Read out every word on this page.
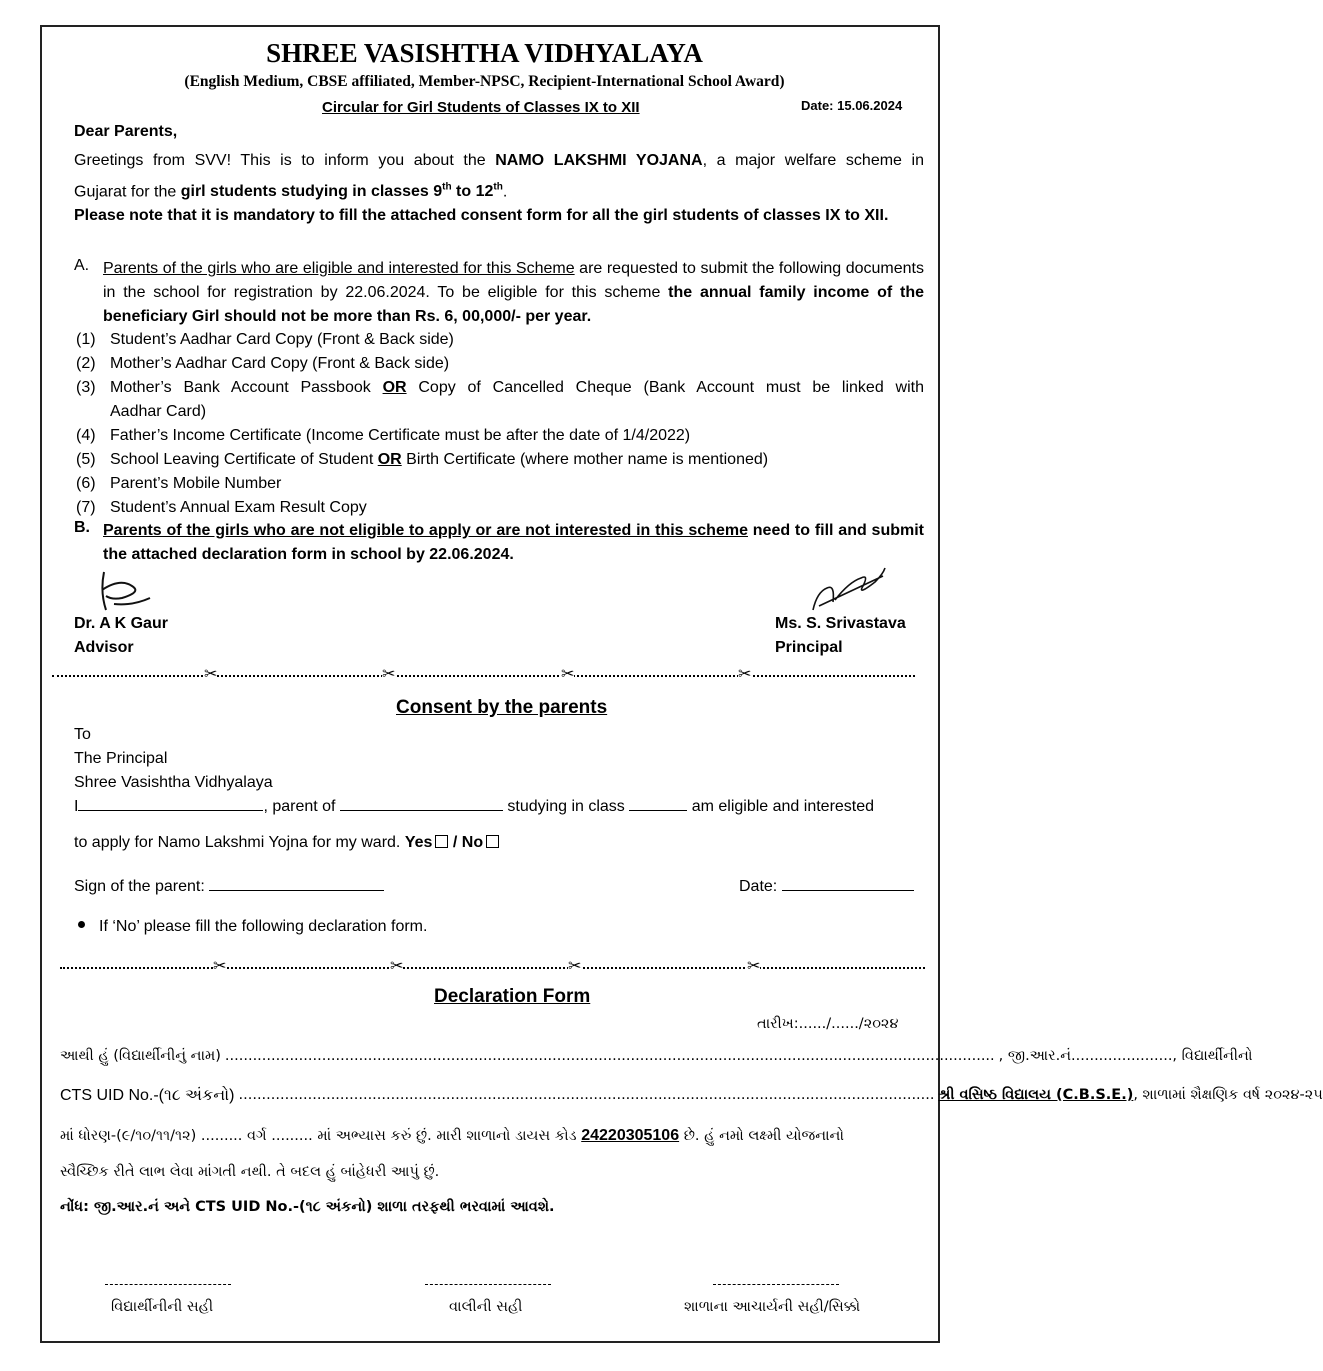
SHREE VASISHTHA VIDHYALAYA
(English Medium, CBSE affiliated, Member-NPSC, Recipient-International School Award)
Circular for Girl Students of Classes IX to XII	Date: 15.06.2024
Dear Parents,
Greetings from SVV! This is to inform you about the NAMO LAKSHMI YOJANA, a major welfare scheme in
Gujarat for the girl students studying in classes 9th to 12th.
Please note that it is mandatory to fill the attached consent form for all the girl students of classes IX to XII.
A. Parents of the girls who are eligible and interested for this Scheme are requested to submit the following documents in the school for registration by 22.06.2024. To be eligible for this scheme the annual family income of the beneficiary Girl should not be more than Rs. 6, 00,000/- per year.
(1) Student’s Aadhar Card Copy (Front & Back side)
(2) Mother’s Aadhar Card Copy (Front & Back side)
(3) Mother’s Bank Account Passbook OR Copy of Cancelled Cheque (Bank Account must be linked with
Aadhar Card)
(4) Father’s Income Certificate (Income Certificate must be after the date of 1/4/2022)
(5) School Leaving Certificate of Student OR Birth Certificate (where mother name is mentioned)
(6) Parent’s Mobile Number
(7) Student’s Annual Exam Result Copy
B. Parents of the girls who are not eligible to apply or are not interested in this scheme need to fill and submit the attached declaration form in school by 22.06.2024.
Dr. A K Gaur
Advisor
Ms. S. Srivastava
Principal
✂	✂	✂	✂
Consent by the parents
To
The Principal
Shree Vasishtha Vidhyalaya
I	, parent of	studying in class	am eligible and interested
to apply for Namo Lakshmi Yojna for my ward. Yes / No
Sign of the parent:	Date:
If ‘No’ please fill the following declaration form.
✂	✂	✂	✂
Declaration Form
તારીખ:....../....../૨૦૨૪
આથી હું (વિદ્યાર્થીનીનું નામ) ....................................................................................................................................................................... , જી.આર.નં......................, વિદ્યાર્થીનીનો
CTS UID No.-(૧૮ અંકનો) ....................................................................................................................................................... શ્રી વસિષ્ઠ વિદ્યાલય (C.B.S.E.) , શાળામાં શૈક્ષણિક વર્ષ ૨૦૨૪-૨૫
માં ધોરણ-(૯/૧૦/૧૧/૧૨) ......... વર્ગ ......... માં અભ્યાસ કરું છું. મારી શાળાનો ડાયસ કોડ 24220305106 છે. હું નમો લક્ષ્મી યોજનાનો
સ્વૈચ્છિક રીતે લાભ લેવા માંગતી નથી. તે બદલ હું બાંહેધરી આપું છું.
નોંધ: જી.આર.નં અને CTS UID No.-(૧૮ અંકનો) શાળા તરફથી ભરવામાં આવશે.
વિદ્યાર્થીનીની સહી	વાલીની સહી	શાળાના આચાર્યની સહી/સિક્કો
